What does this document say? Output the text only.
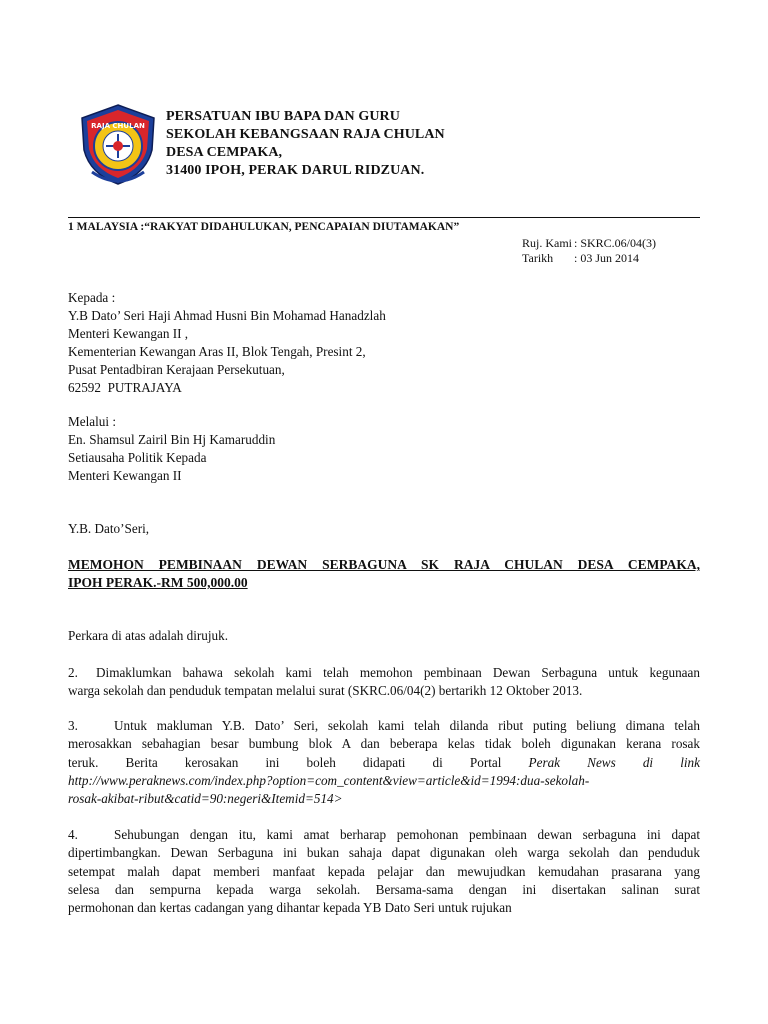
RAJA CHULAN
PERSATUAN IBU BAPA DAN GURU
SEKOLAH KEBANGSAAN RAJA CHULAN
DESA CEMPAKA,
31400 IPOH, PERAK DARUL RIDZUAN.
1 MALAYSIA :“RAKYAT DIDAHULUKAN, PENCAPAIAN DIUTAMAKAN”
Ruj. Kami : SKRC.06/04(3)
Tarikh : 03 Jun 2014
Kepada :
Y.B Dato’ Seri Haji Ahmad Husni Bin Mohamad Hanadzlah
Menteri Kewangan II ,
Kementerian Kewangan Aras II, Blok Tengah, Presint 2,
Pusat Pentadbiran Kerajaan Persekutuan,
62592  PUTRAJAYA
Melalui :
En. Shamsul Zairil Bin Hj Kamaruddin
Setiausaha Politik Kepada
Menteri Kewangan II
Y.B. Dato’Seri,
MEMOHON PEMBINAAN DEWAN SERBAGUNA SK RAJA CHULAN DESA CEMPAKA,
IPOH PERAK.-RM 500,000.00
Perkara di atas adalah dirujuk.
2. Dimaklumkan bahawa sekolah kami telah memohon pembinaan Dewan Serbaguna untuk kegunaan
warga sekolah dan penduduk tempatan melalui surat (SKRC.06/04(2) bertarikh 12 Oktober 2013.
3.	Untuk makluman Y.B. Dato’ Seri, sekolah kami telah dilanda ribut puting beliung dimana telah
merosakkan sebahagian besar bumbung blok A dan beberapa kelas tidak boleh digunakan kerana rosak
teruk. Berita kerosakan ini boleh didapati di Portal Perak News di link
http://www.peraknews.com/index.php?option=com_content&view=article&id=1994:dua-sekolah-
rosak-akibat-ribut&catid=90:negeri&Itemid=514>
4.	Sehubungan dengan itu, kami amat berharap pemohonan pembinaan dewan serbaguna ini dapat
dipertimbangkan. Dewan Serbaguna ini bukan sahaja dapat digunakan oleh warga sekolah dan penduduk
setempat malah dapat memberi manfaat kepada pelajar dan mewujudkan kemudahan prasarana yang
selesa dan sempurna kepada warga sekolah. Bersama-sama dengan ini disertakan salinan surat
permohonan dan kertas cadangan yang dihantar kepada YB Dato Seri untuk rujukan
